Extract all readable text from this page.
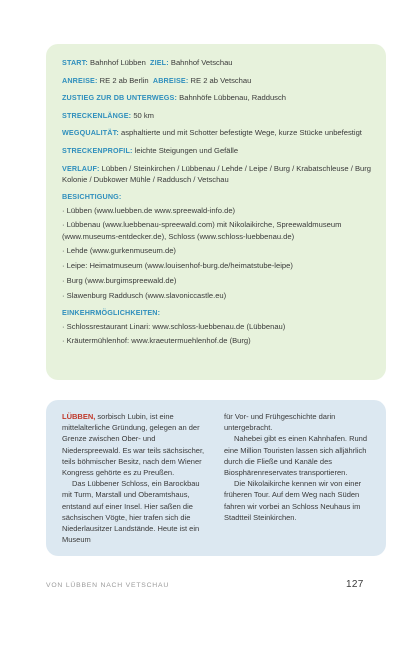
START: Bahnhof Lübben ZIEL: Bahnhof Vetschau
ANREISE: RE 2 ab Berlin ABREISE: RE 2 ab Vetschau
ZUSTIEG ZUR DB UNTERWEGS: Bahnhöfe Lübbenau, Raddusch
STRECKENLÄNGE: 50 km
WEGQUALITÄT: asphaltierte und mit Schotter befestigte Wege, kurze Stücke unbefestigt
STRECKENPROFIL: leichte Steigungen und Gefälle
VERLAUF: Lübben / Steinkirchen / Lübbenau / Lehde / Leipe / Burg / Krabatschleuse / Burg Kolonie / Dubkower Mühle / Raddusch / Vetschau
BESICHTIGUNG:
· Lübben (www.luebben.de www.spreewald-info.de)
· Lübbenau (www.luebbenau-spreewald.com) mit Nikolaikirche, Spreewaldmuseum (www.museums-entdecker.de), Schloss (www.schloss-luebbenau.de)
· Lehde (www.gurkenmuseum.de)
· Leipe: Heimatmuseum (www.louisenhof-burg.de/heimatstube-leipe)
· Burg (www.burgimspreewald.de)
· Slawenburg Raddusch (www.slavoniccastle.eu)
EINKEHRMÖGLICHKEITEN:
· Schlossrestaurant Linari: www.schloss-luebbenau.de (Lübbenau)
· Kräutermühlenhof: www.kraeutermuehlenhof.de (Burg)

LÜBBEN, sorbisch Lubin, ist eine mittelalterliche Gründung, gelegen an der Grenze zwischen Ober- und Niederspreewald. Es war teils sächsischer, teils böhmischer Besitz, nach dem Wiener Kongress gehörte es zu Preußen.

Das Lübbener Schloss, ein Barockbau mit Turm, Marstall und Oberamtshaus, entstand auf einer Insel. Hier saßen die sächsischen Vögte, hier trafen sich die Niederlausitzer Landstände. Heute ist ein Museum

für Vor- und Frühgeschichte darin untergebracht.

Nahebei gibt es einen Kahnhafen. Rund eine Million Touristen lassen sich alljährlich durch die Fließe und Kanäle des Biosphärenreservates transportieren.

Die Nikolaikirche kennen wir von einer früheren Tour. Auf dem Weg nach Süden fahren wir vorbei an Schloss Neuhaus im Stadtteil Steinkirchen.

VON LÜBBEN NACH VETSCHAU	127
